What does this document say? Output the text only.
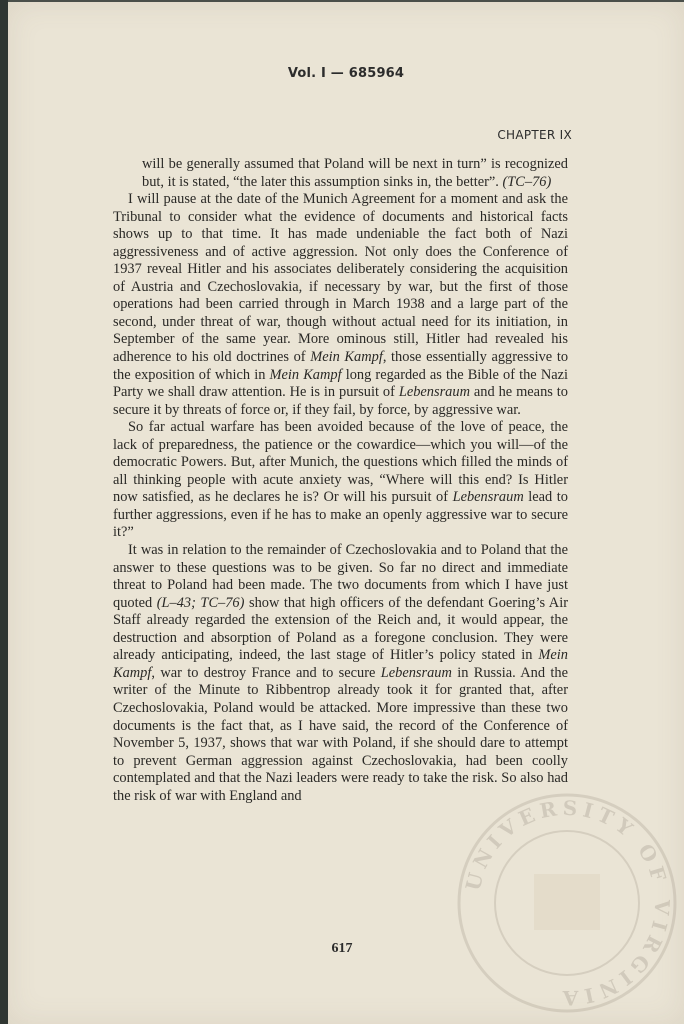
Vol. I — 685964
CHAPTER IX

will be generally assumed that Poland will be next in turn” is recognized but, it is stated, “the later this assumption sinks in, the better”. (TC–76)

I will pause at the date of the Munich Agreement for a moment and ask the Tribunal to consider what the evidence of documents and historical facts shows up to that time. It has made undeniable the fact both of Nazi aggressiveness and of active aggression. Not only does the Conference of 1937 reveal Hitler and his associates deliberately considering the acquisition of Austria and Czechoslovakia, if necessary by war, but the first of those operations had been carried through in March 1938 and a large part of the second, under threat of war, though without actual need for its initiation, in September of the same year. More ominous still, Hitler had revealed his adherence to his old doctrines of Mein Kampf, those essentially aggressive to the exposition of which in Mein Kampf long regarded as the Bible of the Nazi Party we shall draw attention. He is in pursuit of Lebensraum and he means to secure it by threats of force or, if they fail, by force, by aggressive war.

So far actual warfare has been avoided because of the love of peace, the lack of preparedness, the patience or the cowardice—which you will—of the democratic Powers. But, after Munich, the questions which filled the minds of all thinking people with acute anxiety was, “Where will this end? Is Hitler now satisfied, as he declares he is? Or will his pursuit of Lebensraum lead to further aggressions, even if he has to make an openly aggressive war to secure it?”

It was in relation to the remainder of Czechoslovakia and to Poland that the answer to these questions was to be given. So far no direct and immediate threat to Poland had been made. The two documents from which I have just quoted (L–43; TC–76) show that high officers of the defendant Goering’s Air Staff already regarded the extension of the Reich and, it would appear, the destruction and absorption of Poland as a foregone conclusion. They were already anticipating, indeed, the last stage of Hitler’s policy stated in Mein Kampf, war to destroy France and to secure Lebensraum in Russia. And the writer of the Minute to Ribbentrop already took it for granted that, after Czechoslovakia, Poland would be attacked. More impressive than these two documents is the fact that, as I have said, the record of the Conference of November 5, 1937, shows that war with Poland, if she should dare to attempt to prevent German aggression against Czechoslovakia, had been coolly contemplated and that the Nazi leaders were ready to take the risk. So also had the risk of war with England and

617
UNIVERSITY OF VIRGINIA
